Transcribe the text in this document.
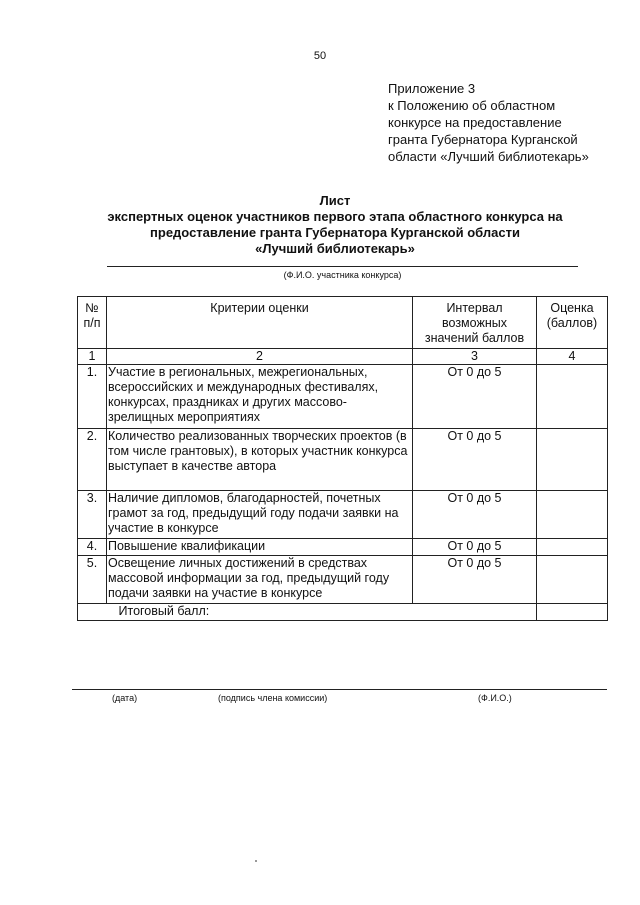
50
Приложение 3
к Положению об областном
конкурсе на предоставление
гранта Губернатора Курганской
области «Лучший библиотекарь»
Лист
экспертных оценок участников первого этапа областного конкурса на
предоставление гранта Губернатора Курганской области
«Лучший библиотекарь»
(Ф.И.О. участника конкурса)
№ п/п	Критерии оценки	Интервал возможных значений баллов	Оценка (баллов)
1	2	3	4
1.	Участие в региональных, межрегиональных, всероссийских и международных фестивалях, конкурсах, праздниках и других массово-зрелищных мероприятиях	От 0 до 5	
2.	Количество реализованных творческих проектов (в том числе грантовых), в которых участник конкурса выступает в качестве автора	От 0 до 5	
3.	Наличие дипломов, благодарностей, почетных грамот за год, предыдущий году подачи заявки на участие в конкурсе	От 0 до 5	
4.	Повышение квалификации	От 0 до 5	
5.	Освещение личных достижений в средствах массовой информации за год, предыдущий году подачи заявки на участие в конкурсе	От 0 до 5	
	Итоговый балл:		
(дата)	(подпись члена комиссии)	(Ф.И.О.)
